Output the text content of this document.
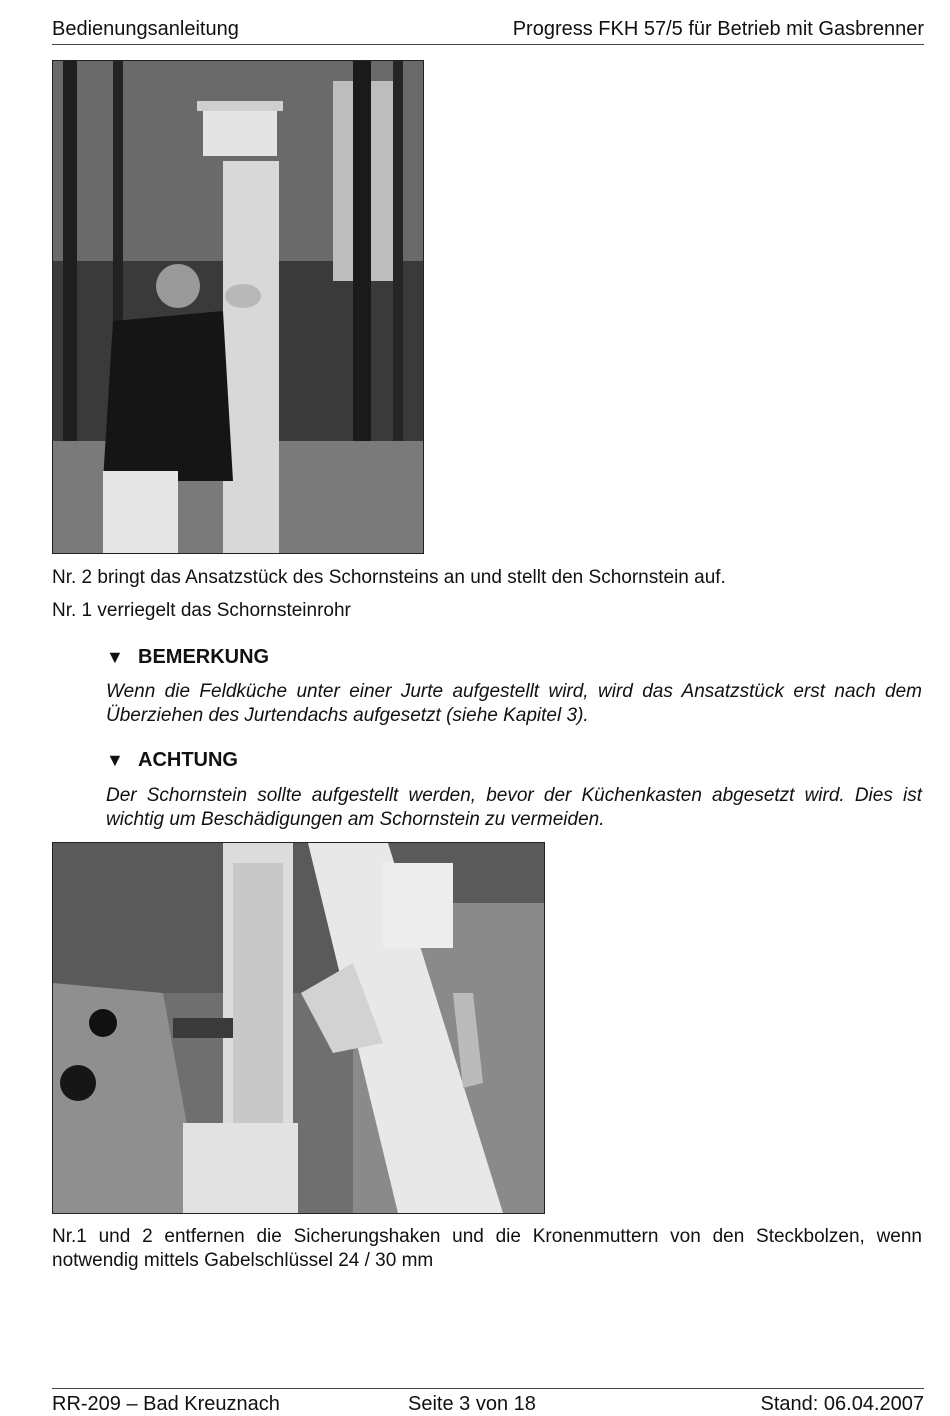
Bedienungsanleitung	Progress FKH 57/5 für Betrieb mit Gasbrenner
Nr. 2 bringt das Ansatzstück des Schornsteins an und stellt den Schornstein auf.
Nr. 1 verriegelt das Schornsteinrohr
▼ BEMERKUNG
Wenn die Feldküche unter einer Jurte aufgestellt wird, wird das Ansatzstück erst nach dem Überziehen des Jurtendachs aufgesetzt (siehe Kapitel 3).
▼ ACHTUNG
Der Schornstein sollte aufgestellt werden, bevor der Küchenkasten abgesetzt wird. Dies ist wichtig um Beschädigungen am Schornstein zu vermeiden.
Nr.1 und 2 entfernen die Sicherungshaken und die Kronenmuttern von den Steckbolzen, wenn notwendig mittels Gabelschlüssel 24 / 30 mm
RR-209 – Bad Kreuznach	Seite 3 von 18	Stand: 06.04.2007
